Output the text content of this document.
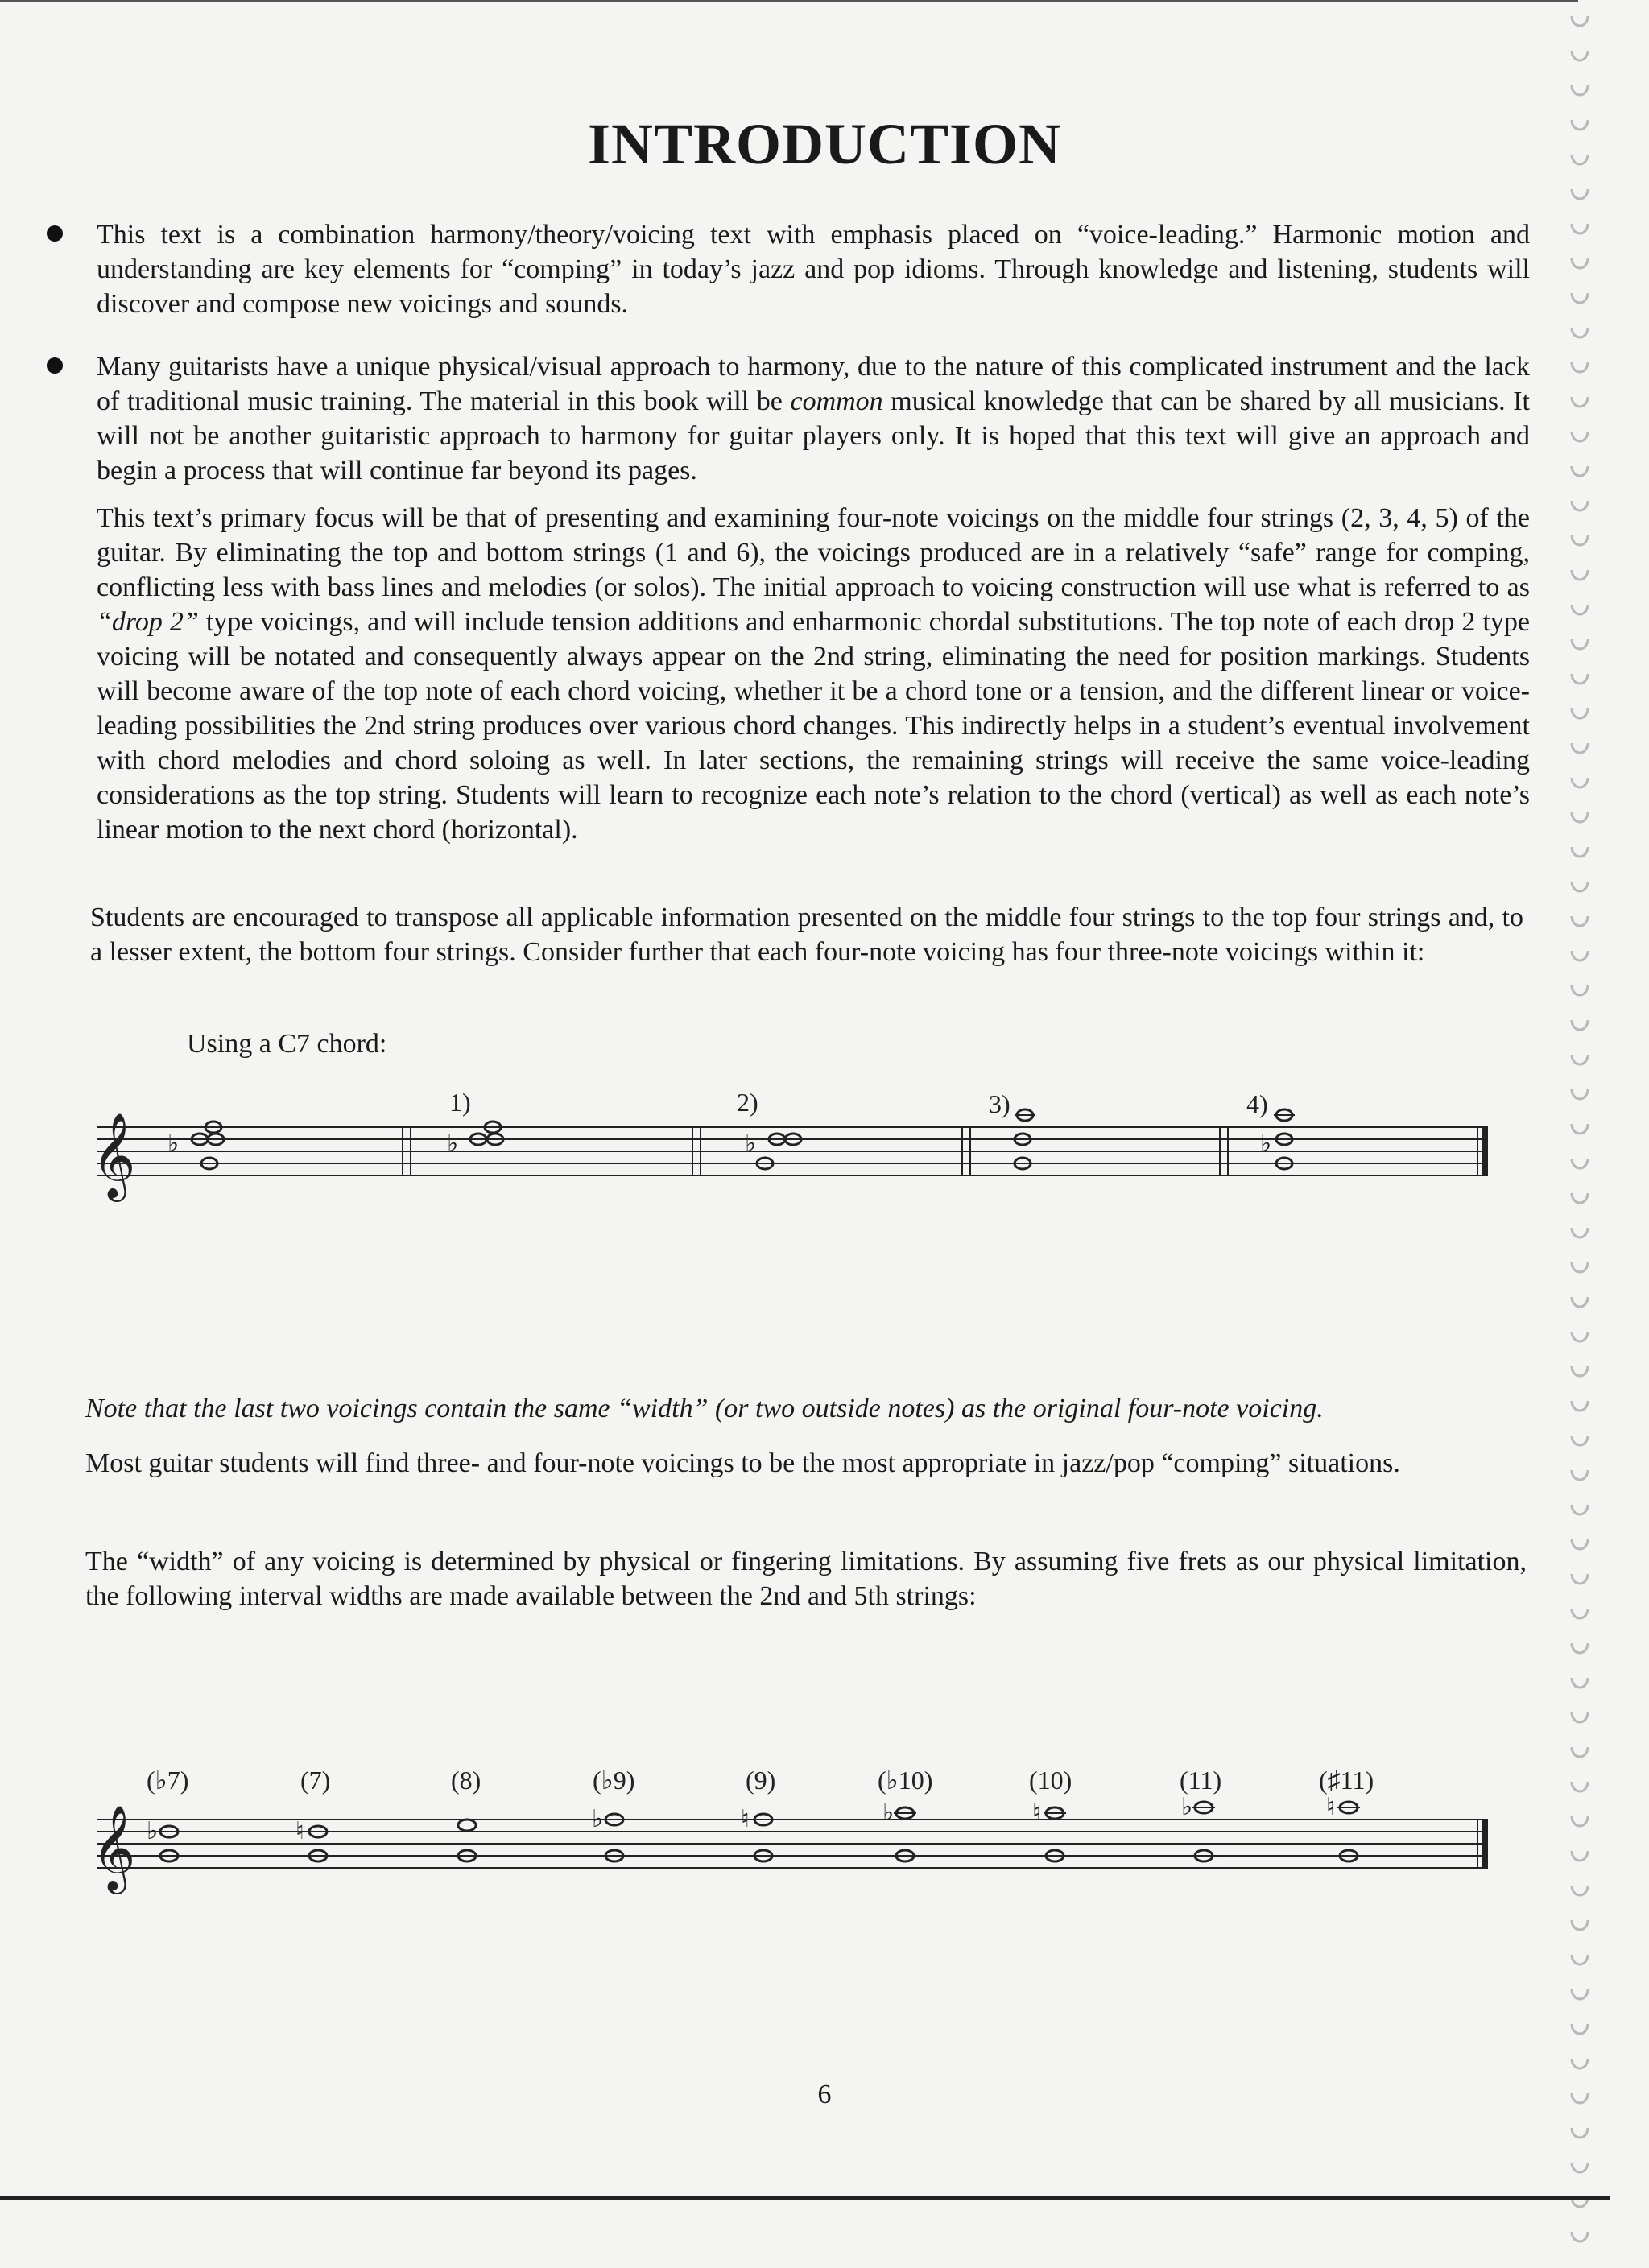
INTRODUCTION
This text is a combination harmony/theory/voicing text with emphasis placed on “voice-leading.” Harmonic motion and understanding are key elements for “comping” in today’s jazz and pop idioms. Through knowledge and listening, students will discover and compose new voicings and sounds.
Many guitarists have a unique physical/visual approach to harmony, due to the nature of this complicated instrument and the lack of traditional music training. The material in this book will be common musical knowledge that can be shared by all musicians. It will not be another guitaristic approach to harmony for guitar players only. It is hoped that this text will give an approach and begin a process that will continue far beyond its pages.
This text’s primary focus will be that of presenting and examining four-note voicings on the middle four strings (2, 3, 4, 5) of the guitar. By eliminating the top and bottom strings (1 and 6), the voicings produced are in a relatively “safe” range for comping, conflicting less with bass lines and melodies (or solos). The initial approach to voicing construction will use what is referred to as “drop 2” type voicings, and will include tension additions and enharmonic chordal substitutions. The top note of each drop 2 type voicing will be notated and consequently always appear on the 2nd string, eliminating the need for position markings. Students will become aware of the top note of each chord voicing, whether it be a chord tone or a tension, and the different linear or voice-leading possibilities the 2nd string produces over various chord changes. This indirectly helps in a student’s eventual involvement with chord melodies and chord soloing as well. In later sections, the remaining strings will receive the same voice-leading considerations as the top string. Students will learn to recognize each note’s relation to the chord (vertical) as well as each note’s linear motion to the next chord (horizontal).
Students are encouraged to transpose all applicable information presented on the middle four strings to the top four strings and, to a lesser extent, the bottom four strings. Consider further that each four-note voicing has four three-note voicings within it:
Using a C7 chord:
𝄞 ♭	♭	♭	♭
1)	2)	3)	4)
Note that the last two voicings contain the same “width” (or two outside notes) as the original four-note voicing.
Most guitar students will find three- and four-note voicings to be the most appropriate in jazz/pop “comping” situations.
The “width” of any voicing is determined by physical or fingering limitations. By assuming five frets as our physical limitation, the following interval widths are made available between the 2nd and 5th strings:
𝄞 ♭	♮	♭	♮	♭	♮	♭	♮
(♭7)	(7)	(8)	(♭9)	(9)	(♭10)	(10)	(11)	(♯11)
6
